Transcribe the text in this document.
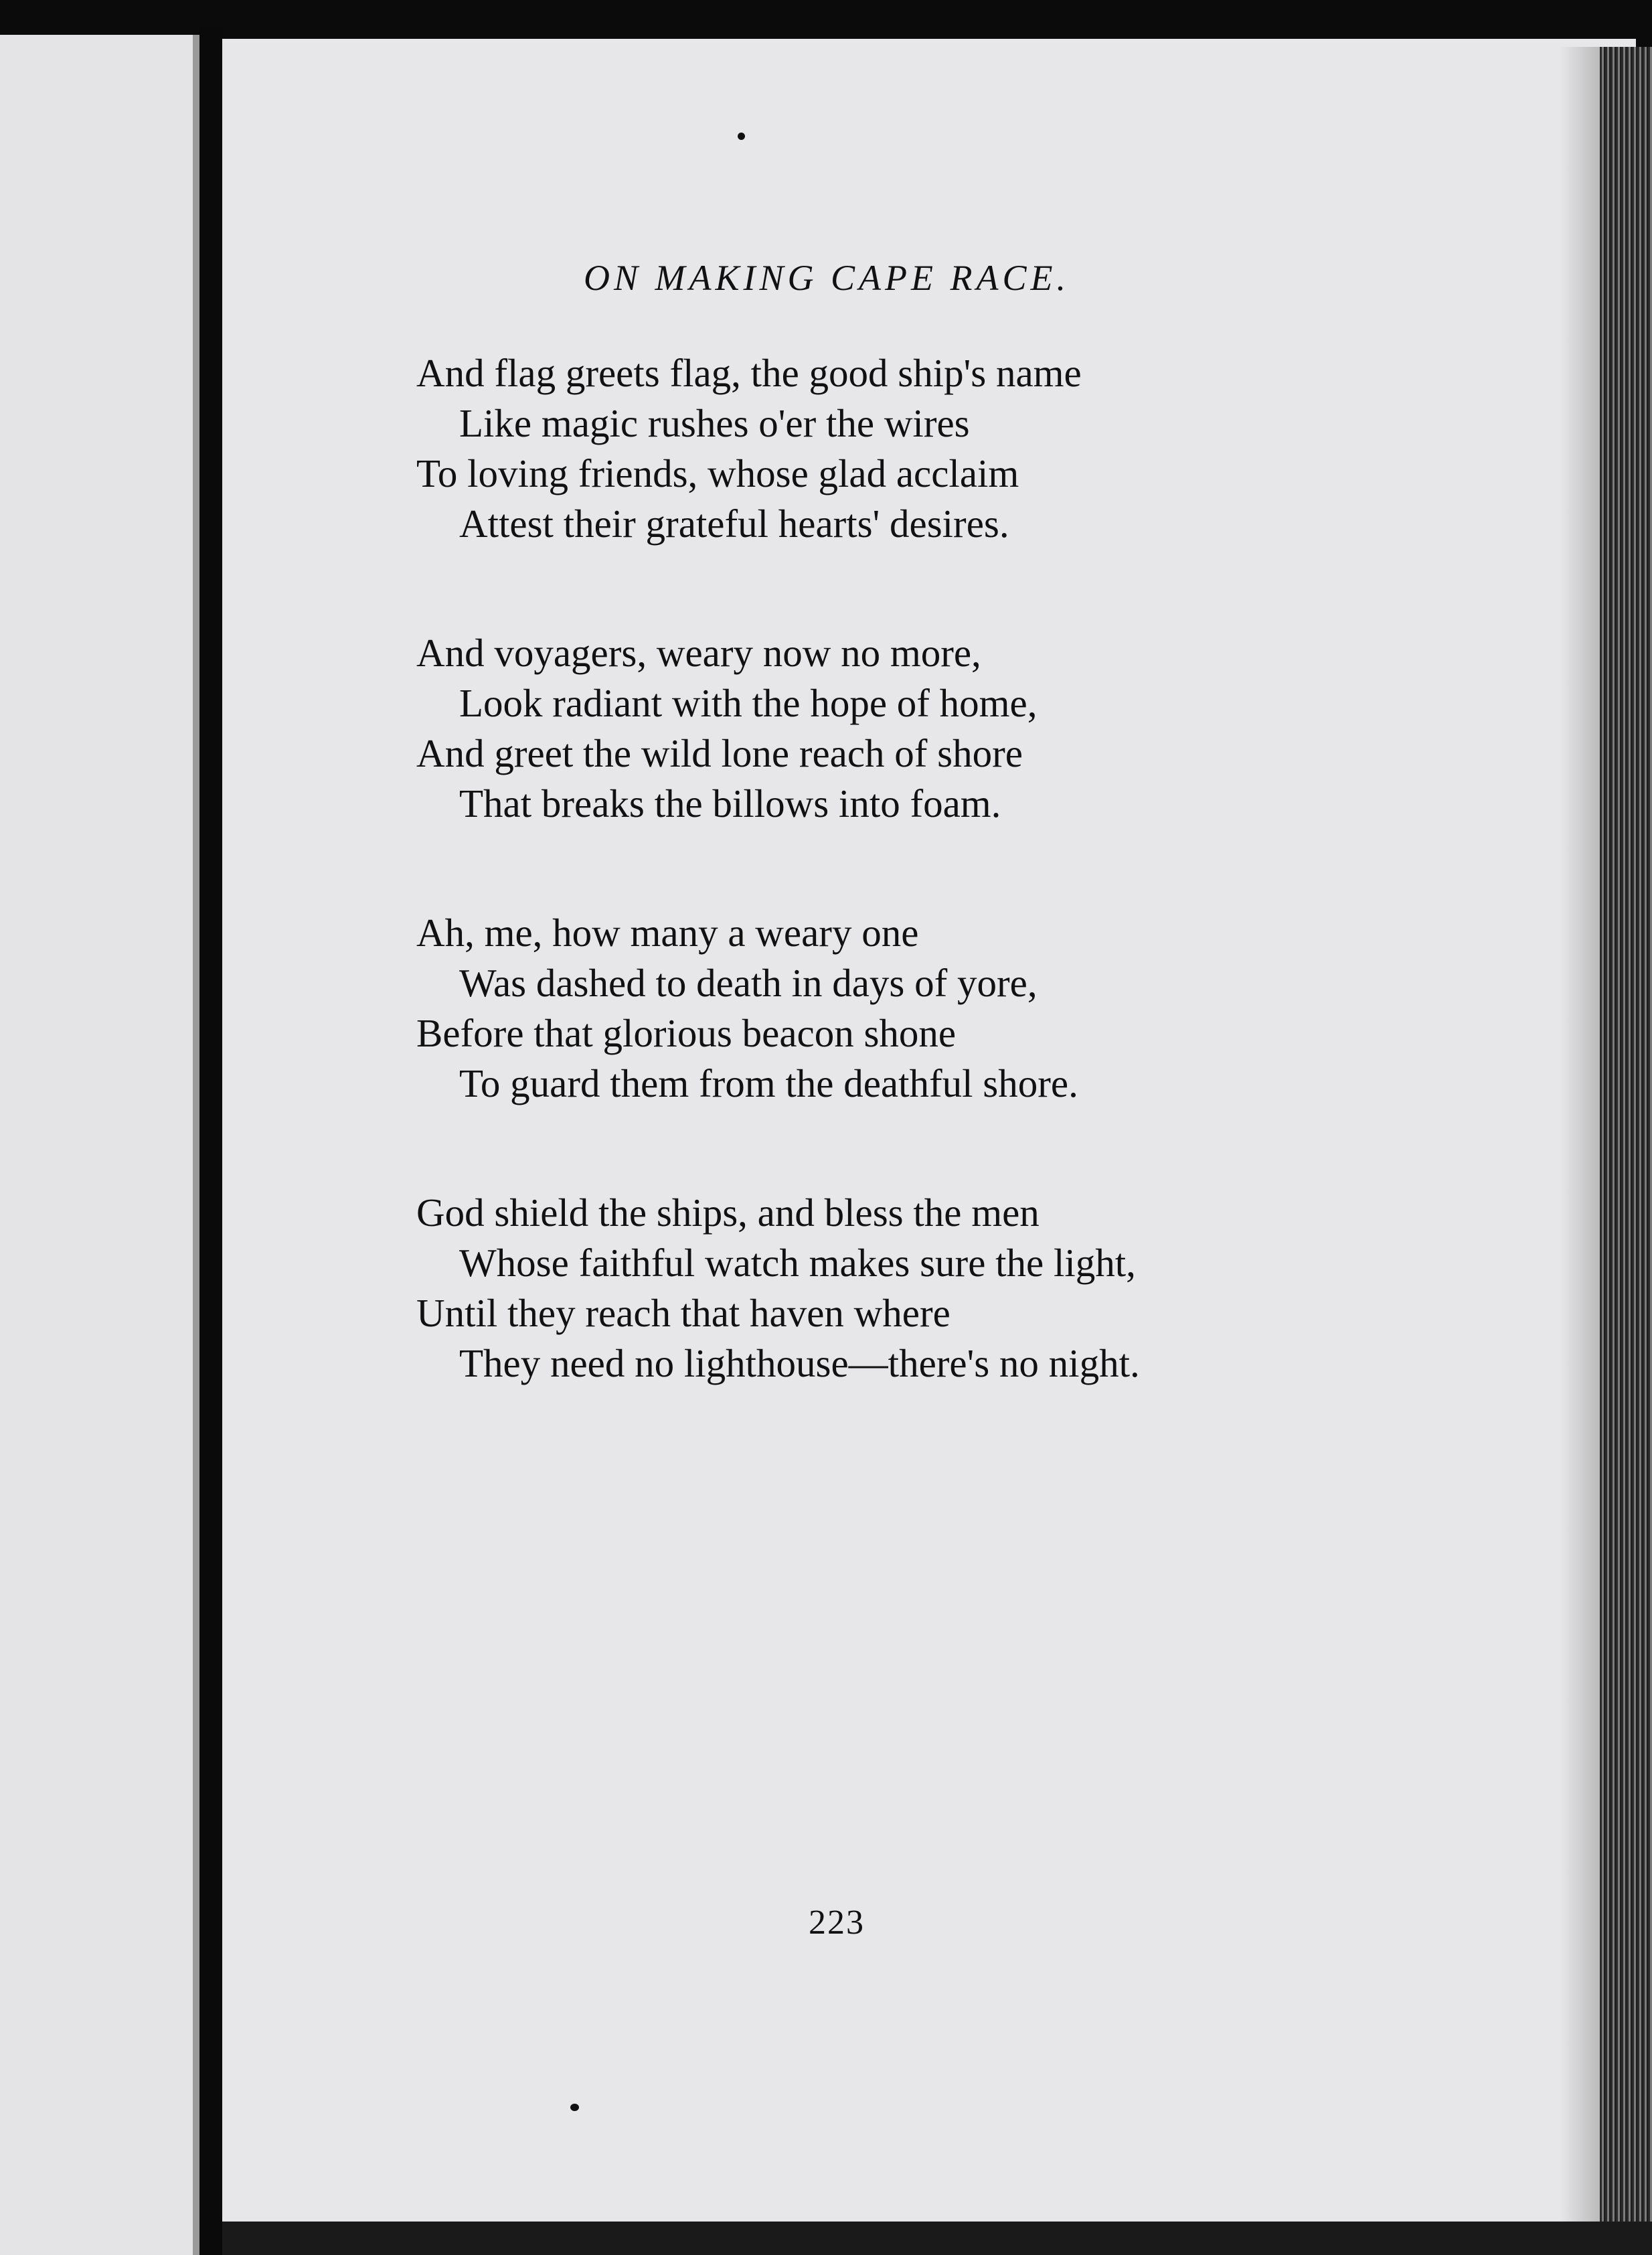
ON MAKING CAPE RACE.
And flag greets flag, the good ship's name
Like magic rushes o'er the wires
To loving friends, whose glad acclaim
Attest their grateful hearts' desires.
And voyagers, weary now no more,
Look radiant with the hope of home,
And greet the wild lone reach of shore
That breaks the billows into foam.
Ah, me, how many a weary one
Was dashed to death in days of yore,
Before that glorious beacon shone
To guard them from the deathful shore.
God shield the ships, and bless the men
Whose faithful watch makes sure the light,
Until they reach that haven where
They need no lighthouse—there's no night.
223
